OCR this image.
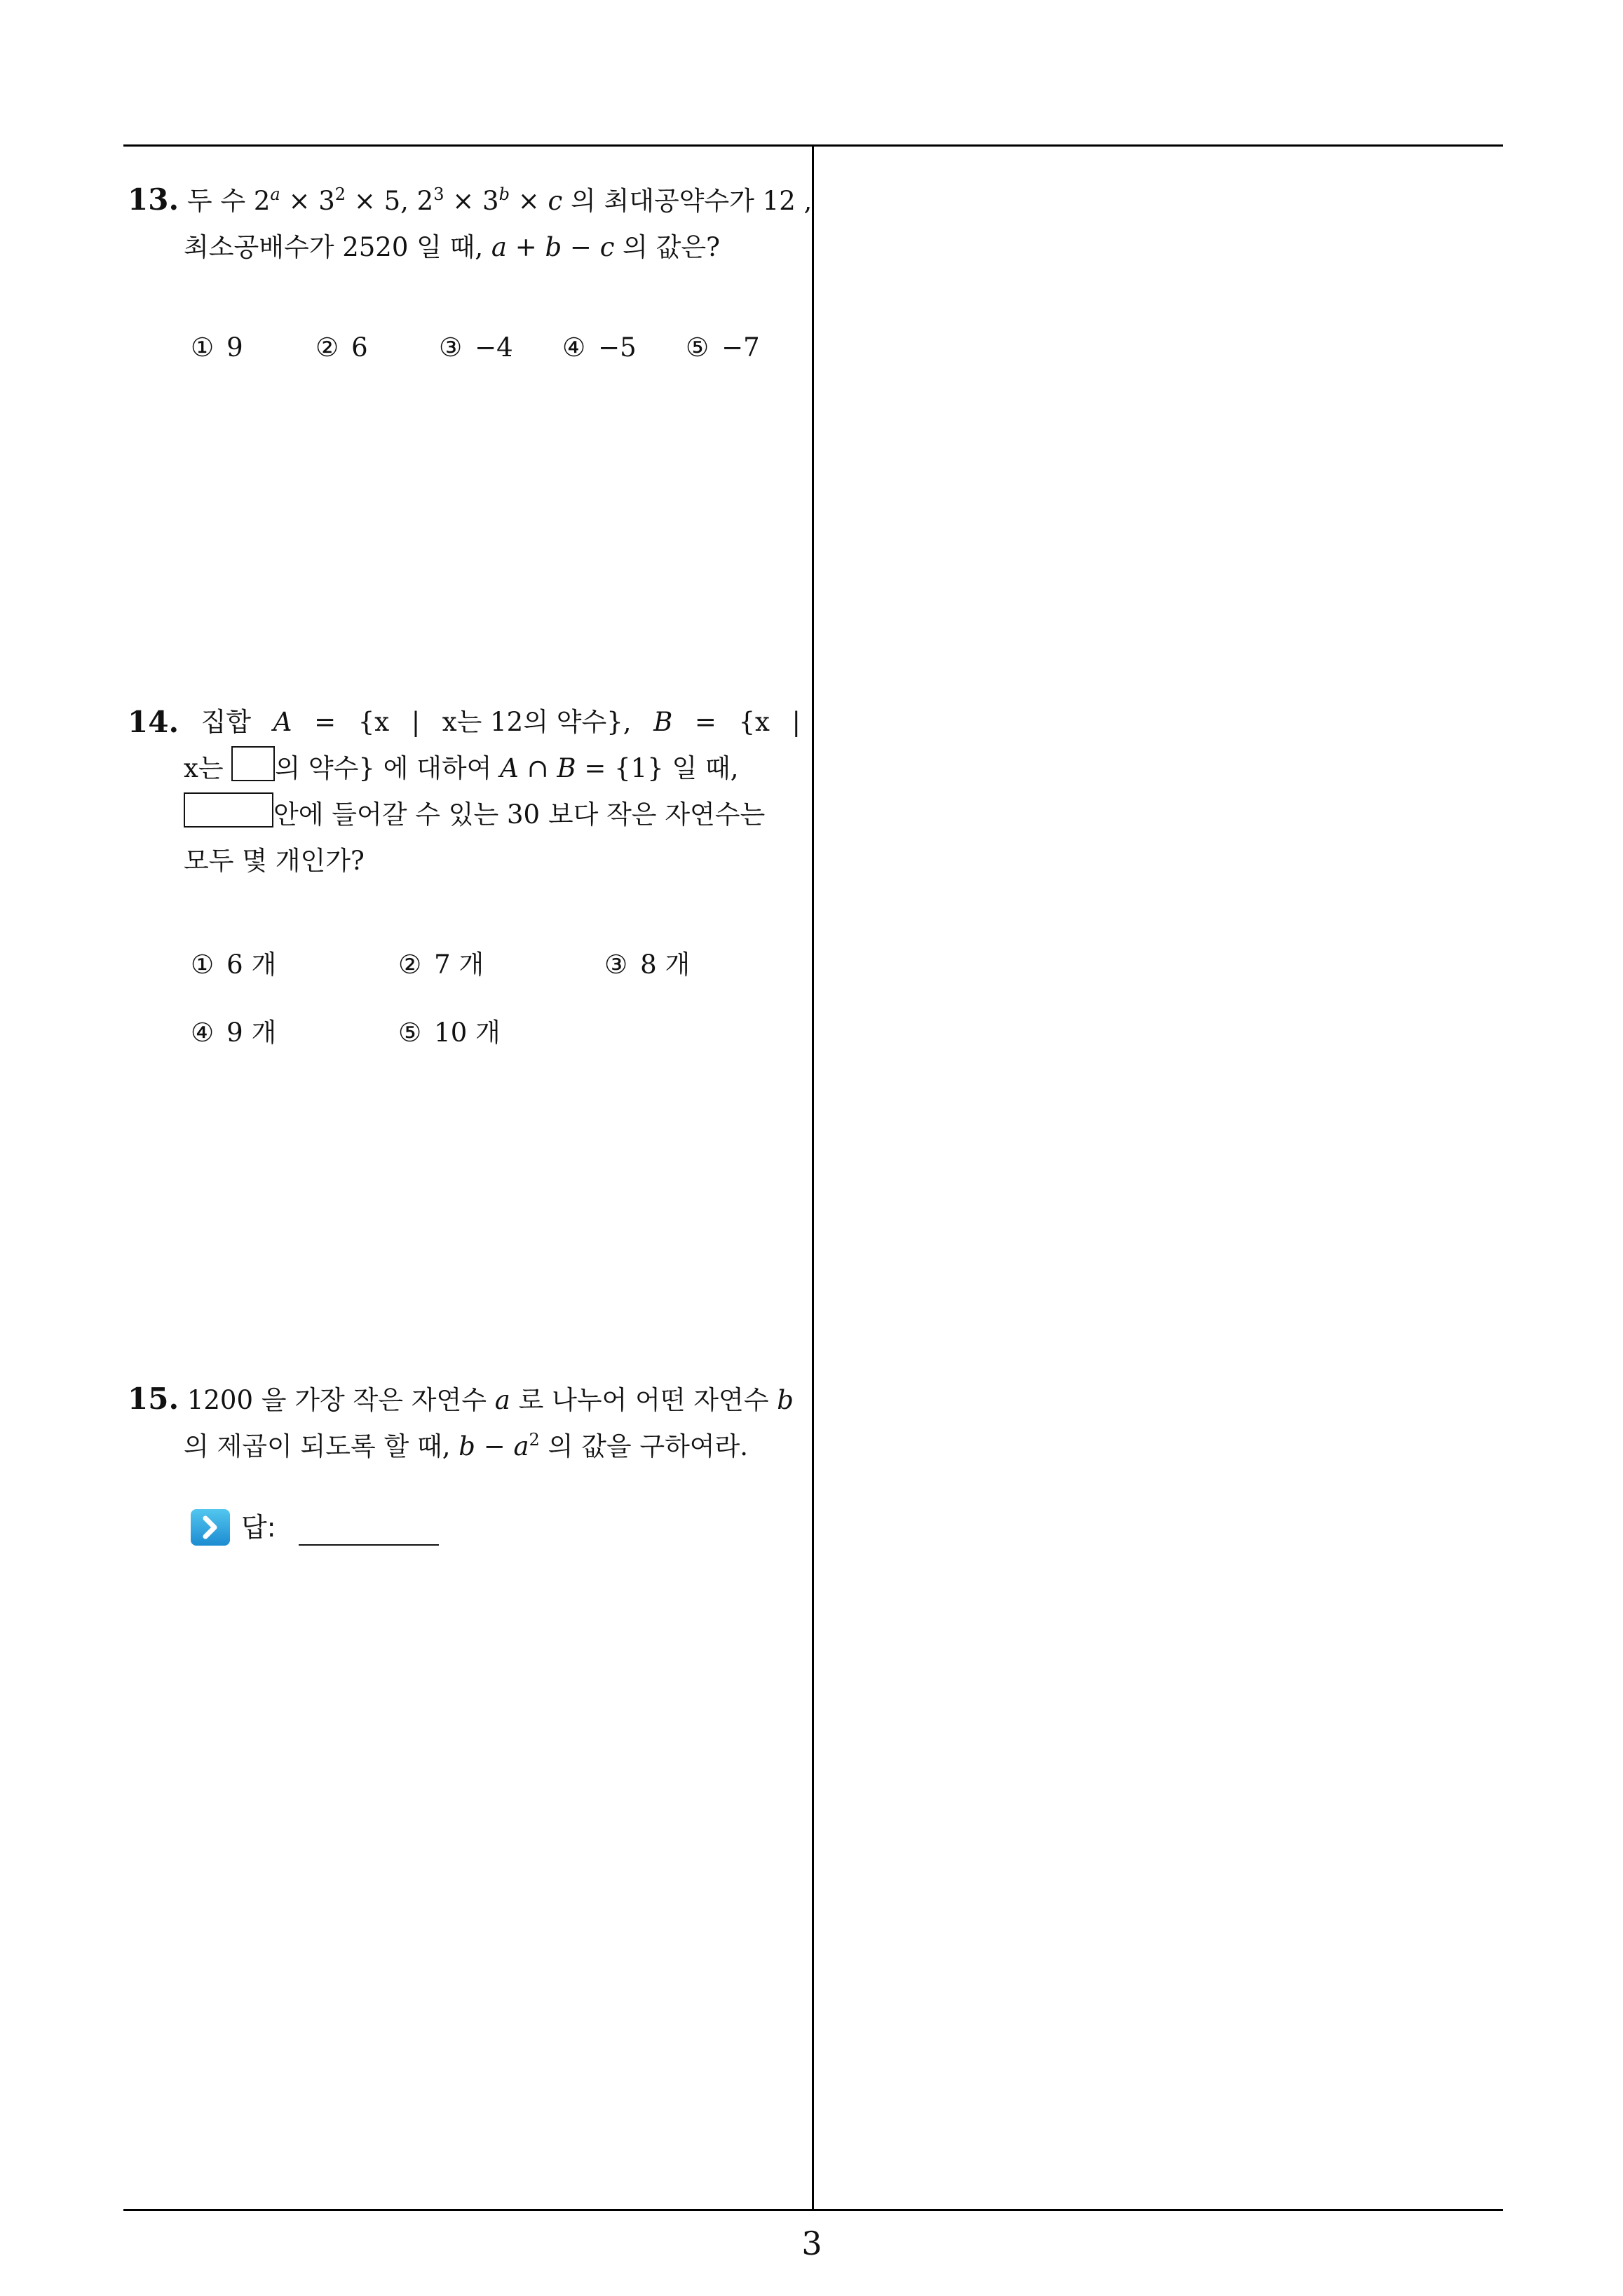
13. 두 수 $2^a \times 3^2 \times 5$, $2^3 \times 3^b \times c$ 의 최대공약수가 12 ,
최소공배수가 2520 일 때, a + b − c 의 값은?
① 9	② 6	③ −4 ④ −5 ⑤ −7
14. 집합 A = {x | x는 12의 약수}, B = {x |
x는 의 약수} 에 대하여 A ∩ B = {1} 일 때,
안에 들어갈 수 있는 30 보다 작은 자연수는
모두 몇 개인가?
① 6 개	② 7 개	③ 8 개
④ 9 개	⑤ 10 개
15. 1200 을 가장 작은 자연수 a 로 나누어 어떤 자연수 b
의 제곱이 되도록 할 때, $b - a^2$ 의 값을 구하여라.
답:
3
